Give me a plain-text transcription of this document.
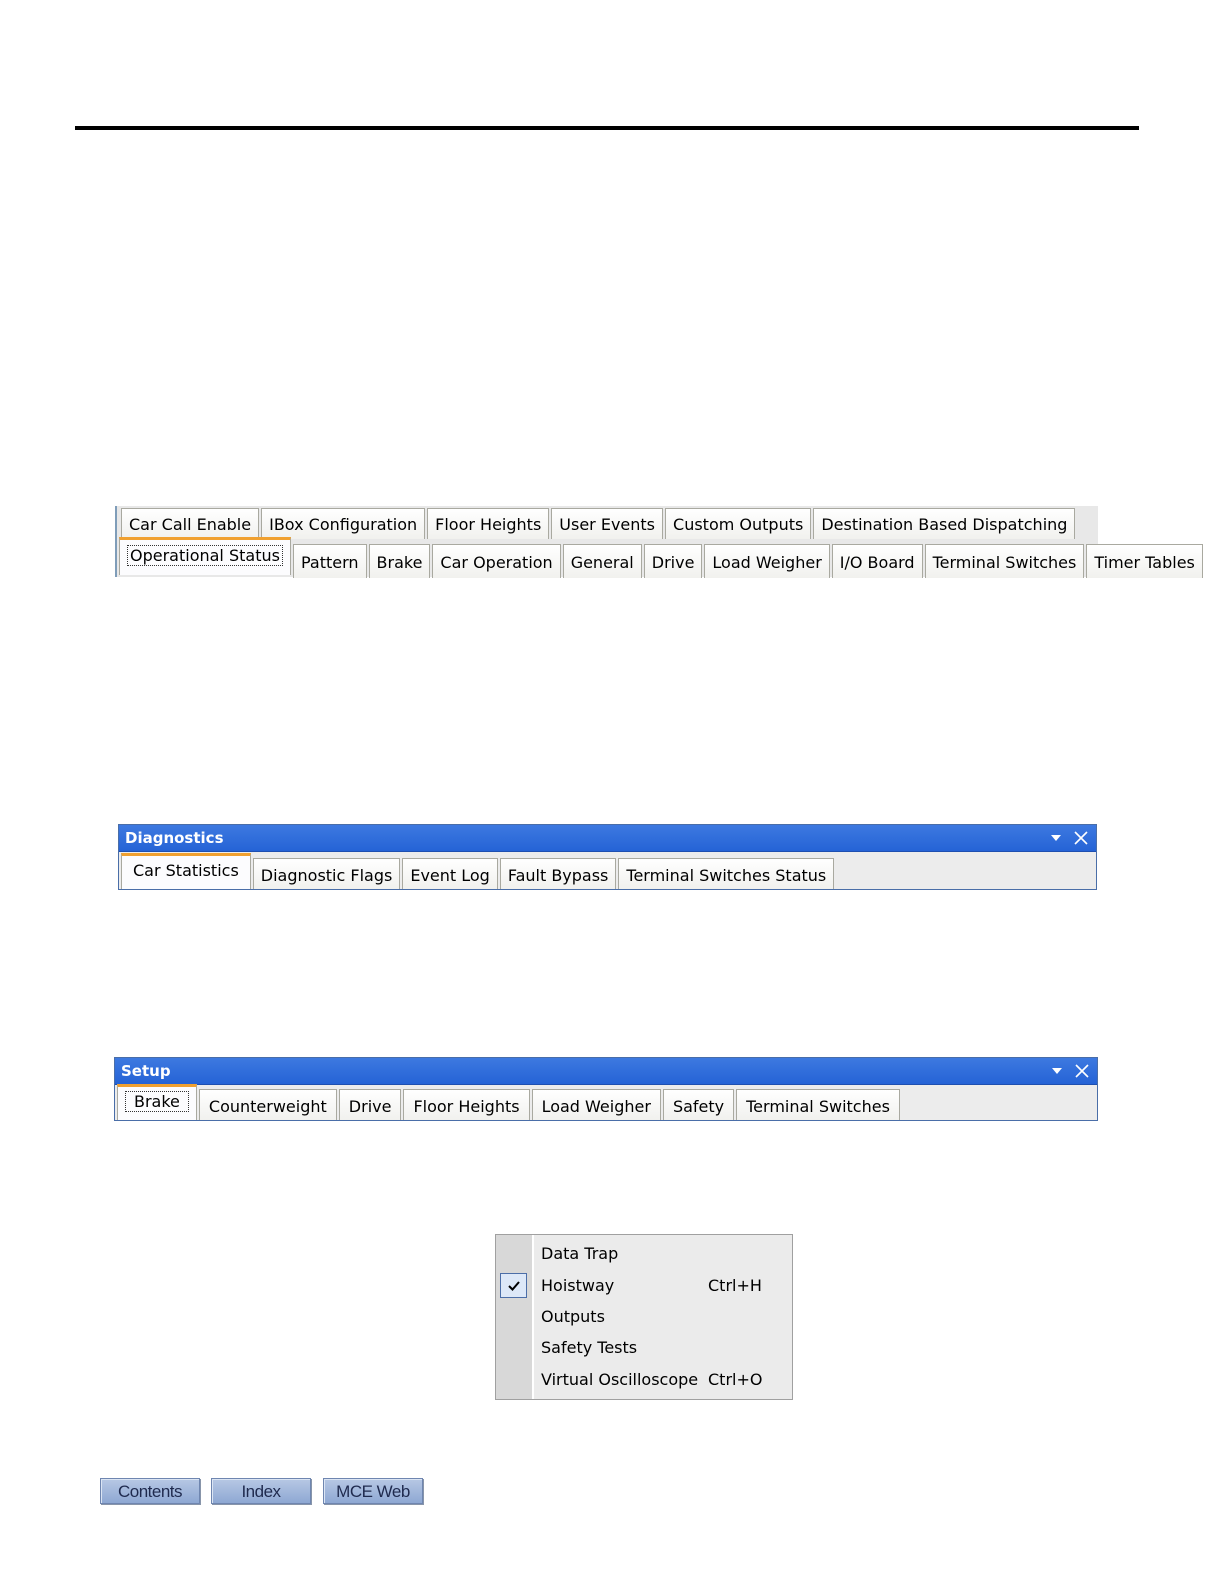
Car Call Enable	IBox Configuration	Floor Heights	User Events	Custom Outputs	Destination Based Dispatching
Operational Status	Pattern	Brake	Car Operation	General	Drive	Load Weigher	I/O Board	Terminal Switches	Timer Tables
Diagnostics
Car Statistics	Diagnostic Flags	Event Log	Fault Bypass	Terminal Switches Status
Setup
Brake	Counterweight	Drive	Floor Heights	Load Weigher	Safety	Terminal Switches
Data Trap
Hoistway	Ctrl+H
Outputs
Safety Tests
Virtual Oscilloscope Ctrl+O
Contents	Index	MCE Web
